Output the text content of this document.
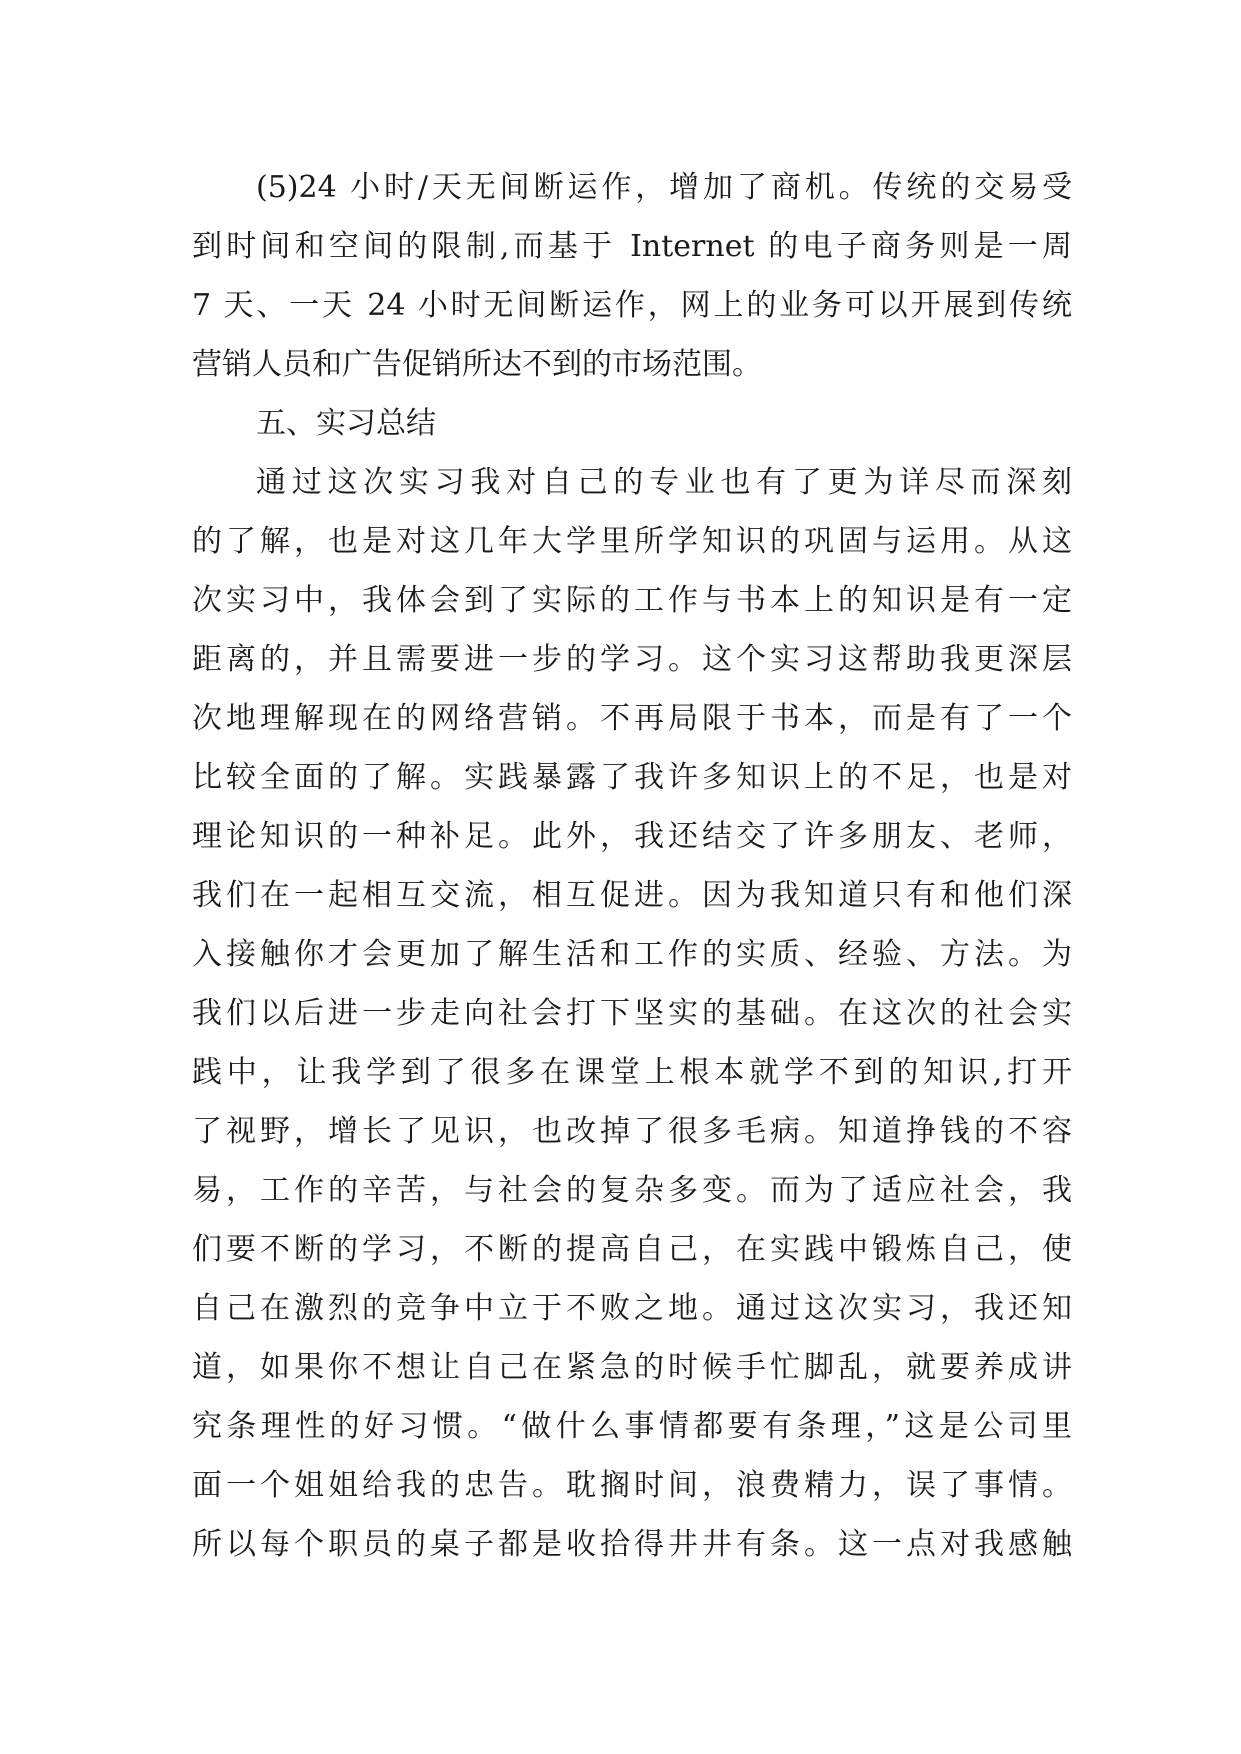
(5)24 小时/天无间断运作，增加了商机。传统的交易受
到时间和空间的限制,而基于 Internet 的电子商务则是一周
7 天、一天 24 小时无间断运作，网上的业务可以开展到传统
营销人员和广告促销所达不到的市场范围。
五、实习总结
通过这次实习我对自己的专业也有了更为详尽而深刻
的了解，也是对这几年大学里所学知识的巩固与运用。从这
次实习中，我体会到了实际的工作与书本上的知识是有一定
距离的，并且需要进一步的学习。这个实习这帮助我更深层
次地理解现在的网络营销。不再局限于书本，而是有了一个
比较全面的了解。实践暴露了我许多知识上的不足，也是对
理论知识的一种补足。此外，我还结交了许多朋友、老师，
我们在一起相互交流，相互促进。因为我知道只有和他们深
入接触你才会更加了解生活和工作的实质、经验、方法。为
我们以后进一步走向社会打下坚实的基础。在这次的社会实
践中，让我学到了很多在课堂上根本就学不到的知识,打开
了视野，增长了见识，也改掉了很多毛病。知道挣钱的不容
易，工作的辛苦，与社会的复杂多变。而为了适应社会，我
们要不断的学习，不断的提高自己，在实践中锻炼自己，使
自己在激烈的竞争中立于不败之地。通过这次实习，我还知
道，如果你不想让自己在紧急的时候手忙脚乱，就要养成讲
究条理性的好习惯。“做什么事情都要有条理，”这是公司里
面一个姐姐给我的忠告。耽搁时间，浪费精力，误了事情。
所以每个职员的桌子都是收拾得井井有条。这一点对我感触
